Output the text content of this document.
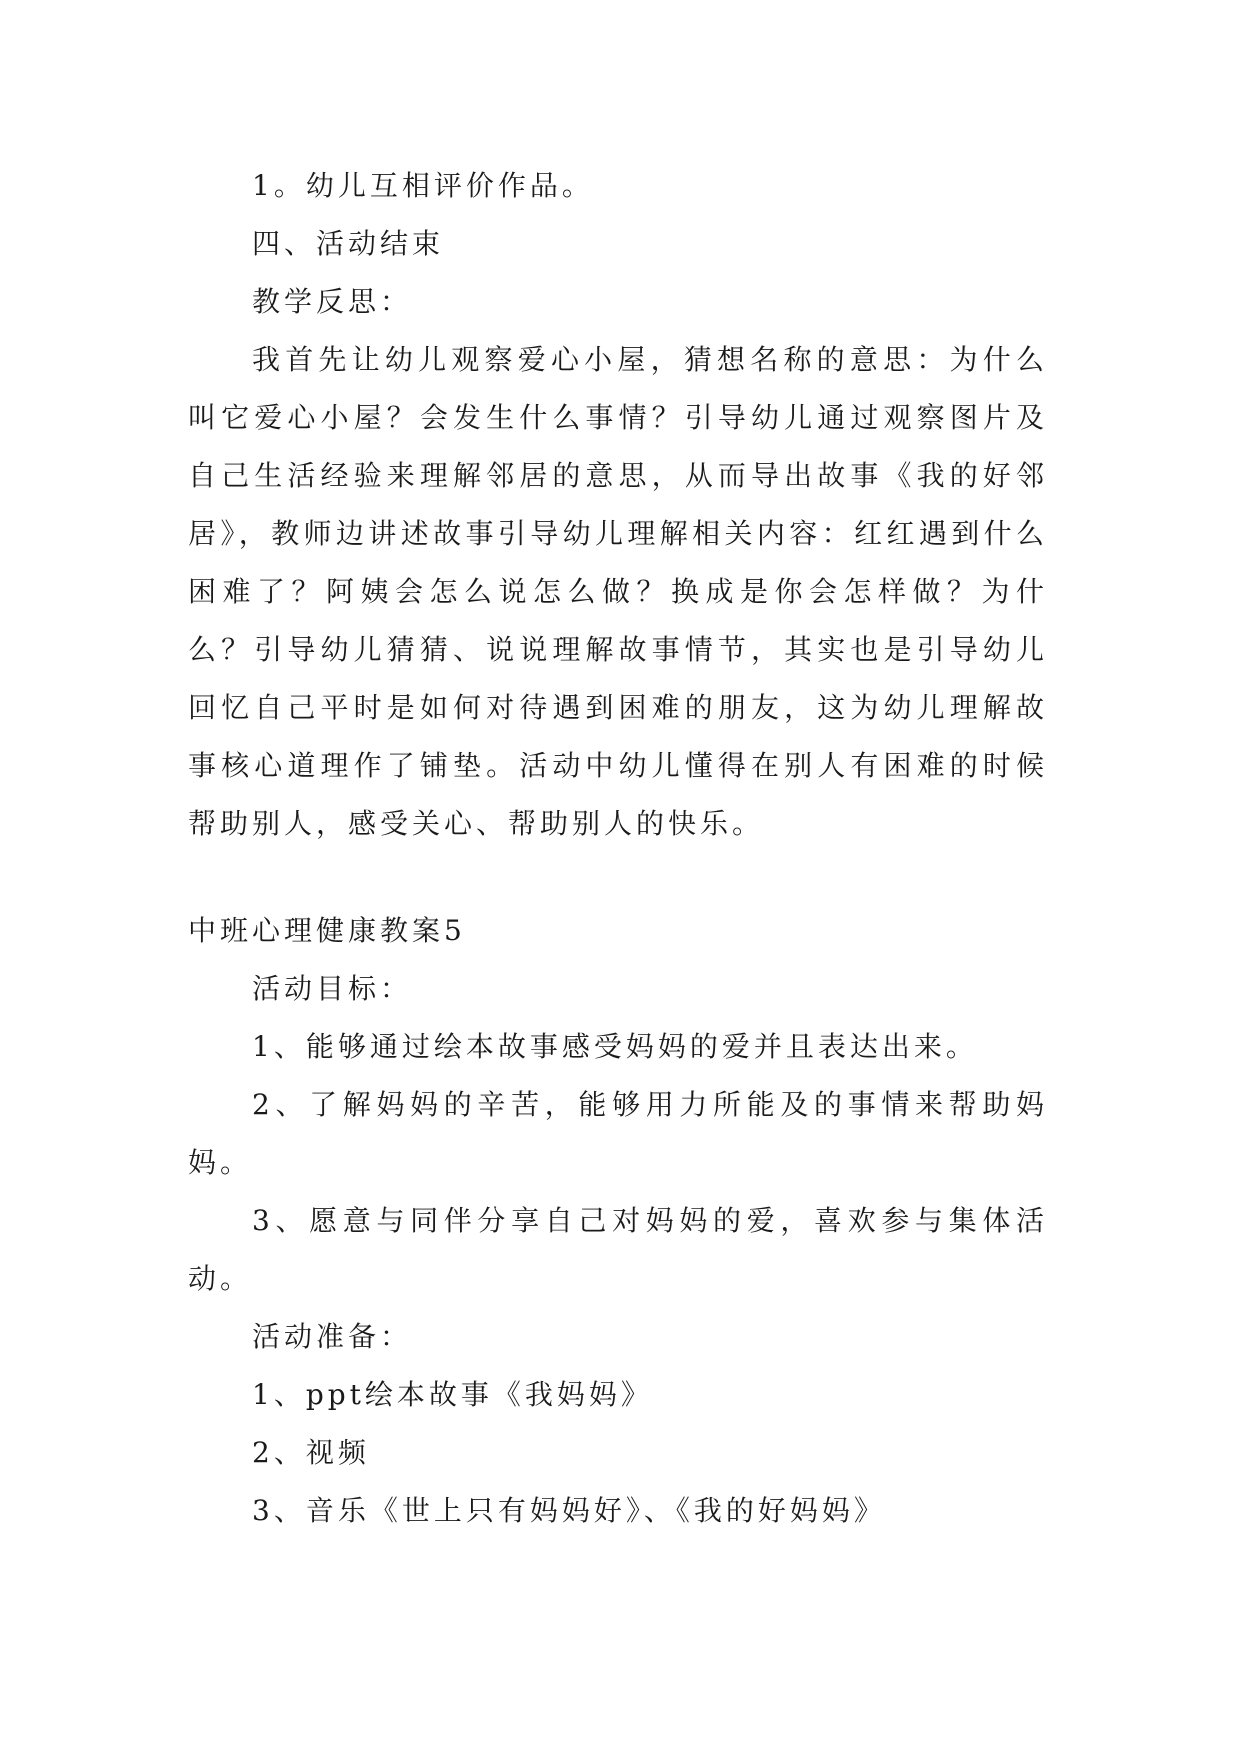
1。幼儿互相评价作品。

四、活动结束

教学反思：

我首先让幼儿观察爱心小屋，猜想名称的意思：为什么叫它爱心小屋？会发生什么事情？引导幼儿通过观察图片及自己生活经验来理解邻居的意思，从而导出故事《我的好邻居》，教师边讲述故事引导幼儿理解相关内容：红红遇到什么困难了？阿姨会怎么说怎么做？换成是你会怎样做？为什么？引导幼儿猜猜、说说理解故事情节，其实也是引导幼儿回忆自己平时是如何对待遇到困难的朋友，这为幼儿理解故事核心道理作了铺垫。活动中幼儿懂得在别人有困难的时候帮助别人，感受关心、帮助别人的快乐。

中班心理健康教案5

活动目标：

1、能够通过绘本故事感受妈妈的爱并且表达出来。

2、了解妈妈的辛苦，能够用力所能及的事情来帮助妈妈。

3、愿意与同伴分享自己对妈妈的爱，喜欢参与集体活动。

活动准备：

1、ppt绘本故事《我妈妈》

2、视频

3、音乐《世上只有妈妈好》、《我的好妈妈》
